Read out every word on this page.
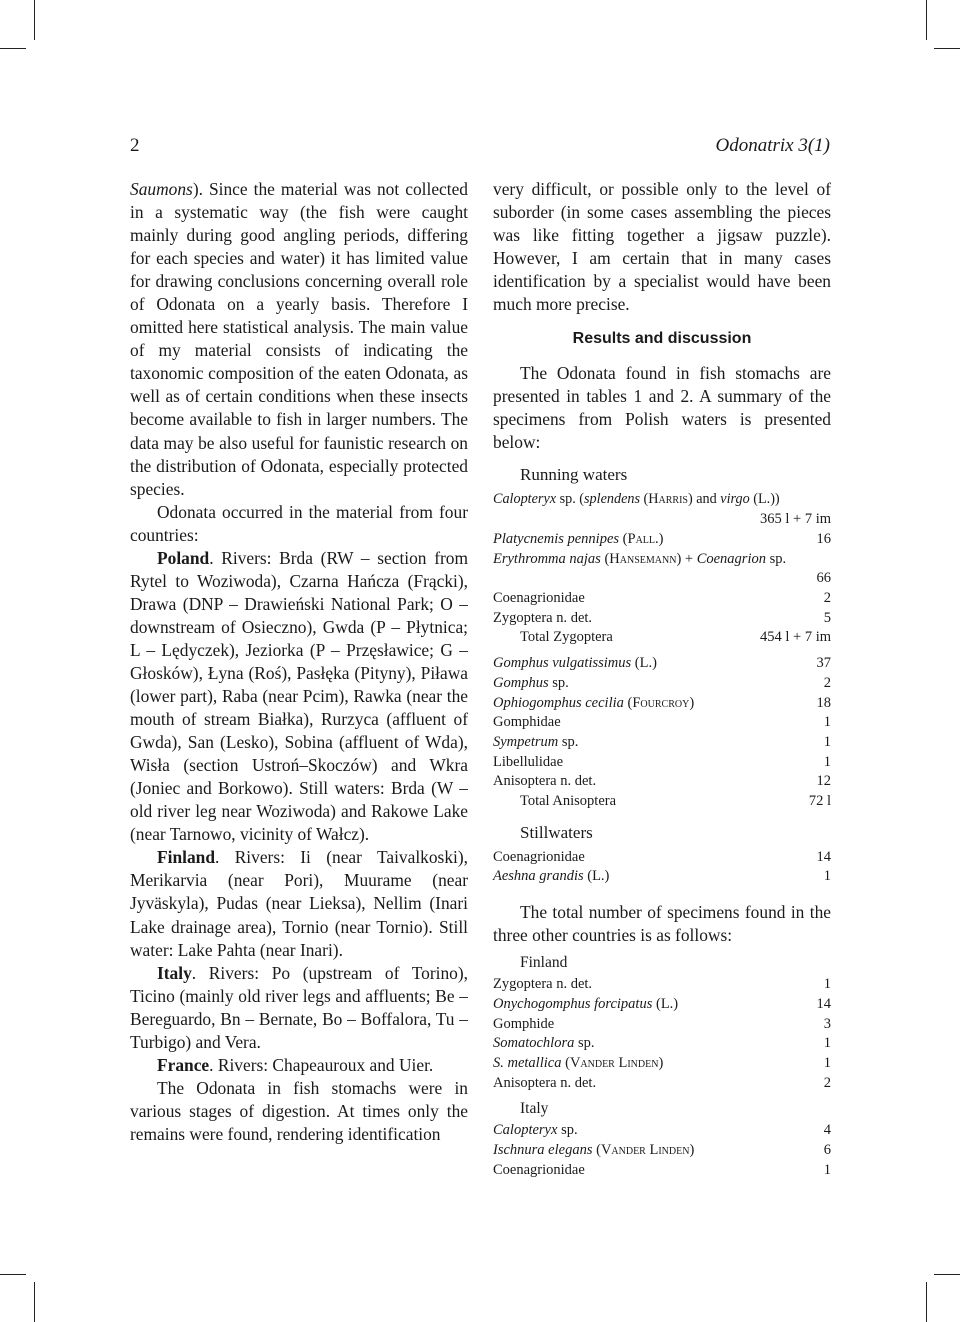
2	Odonatrix 3(1)

Saumons). Since the material was not collected in a systematic way (the fish were caught mainly during good angling periods, differing for each species and water) it has limited value for drawing conclusions concerning overall role of Odonata on a yearly basis. Therefore I omitted here statistical analysis. The main value of my material consists of indicating the taxonomic composition of the eaten Odonata, as well as of certain conditions when these insects become available to fish in larger numbers. The data may be also useful for faunistic research on the distribution of Odonata, especially protected species.

Odonata occurred in the material from four countries:

Poland. Rivers: Brda (RW – section from Rytel to Woziwoda), Czarna Hańcza (Frącki), Drawa (DNP – Drawieński National Park; O – downstream of Osieczno), Gwda (P – Płytnica; L – Lędyczek), Jeziorka (P – Przęsławice; G – Głosków), Łyna (Roś), Pasłęka (Pityny), Piława (lower part), Raba (near Pcim), Rawka (near the mouth of stream Białka), Rurzyca (affluent of Gwda), San (Lesko), Sobina (affluent of Wda), Wisła (section Ustroń–Skoczów) and Wkra (Joniec and Borkowo). Still waters: Brda (W – old river leg near Woziwoda) and Rakowe Lake (near Tarnowo, vicinity of Wałcz).

Finland. Rivers: Ii (near Taivalkoski), Merikarvia (near Pori), Muurame (near Jyväskyla), Pudas (near Lieksa), Nellim (Inari Lake drainage area), Tornio (near Tornio). Still water: Lake Pahta (near Inari).

Italy. Rivers: Po (upstream of Torino), Ticino (mainly old river legs and affluents; Be – Bereguardo, Bn – Bernate, Bo – Boffalora, Tu – Turbigo) and Vera.

France. Rivers: Chapeauroux and Uier.

The Odonata in fish stomachs were in various stages of digestion. At times only the remains were found, rendering identification

very difficult, or possible only to the level of suborder (in some cases assembling the pieces was like fitting together a jigsaw puzzle). However, I am certain that in many cases identification by a specialist would have been much more precise.

Results and discussion

The Odonata found in fish stomachs are presented in tables 1 and 2. A summary of the specimens from Polish waters is presented below:

Running waters
Calopteryx sp. (splendens (Harris) and virgo (L.))
365 l + 7 im
Platycnemis pennipes (Pall.)	16
Erythromma najas (Hansemann) + Coenagrion sp.
66
Coenagrionidae	2
Zygoptera n. det.	5
Total Zygoptera	454 l + 7 im
Gomphus vulgatissimus (L.)	37
Gomphus sp.	2
Ophiogomphus cecilia (Fourcroy)	18
Gomphidae	1
Sympetrum sp.	1
Libellulidae	1
Anisoptera n. det.	12
Total Anisoptera	72 l
Stillwaters
Coenagrionidae	14
Aeshna grandis (L.)	1

The total number of specimens found in the three other countries is as follows:

Finland
Zygoptera n. det.	1
Onychogomphus forcipatus (L.)	14
Gomphide	3
Somatochlora sp.	1
S. metallica (Vander Linden)	1
Anisoptera n. det.	2
Italy
Calopteryx sp.	4
Ischnura elegans (Vander Linden)	6
Coenagrionidae	1
